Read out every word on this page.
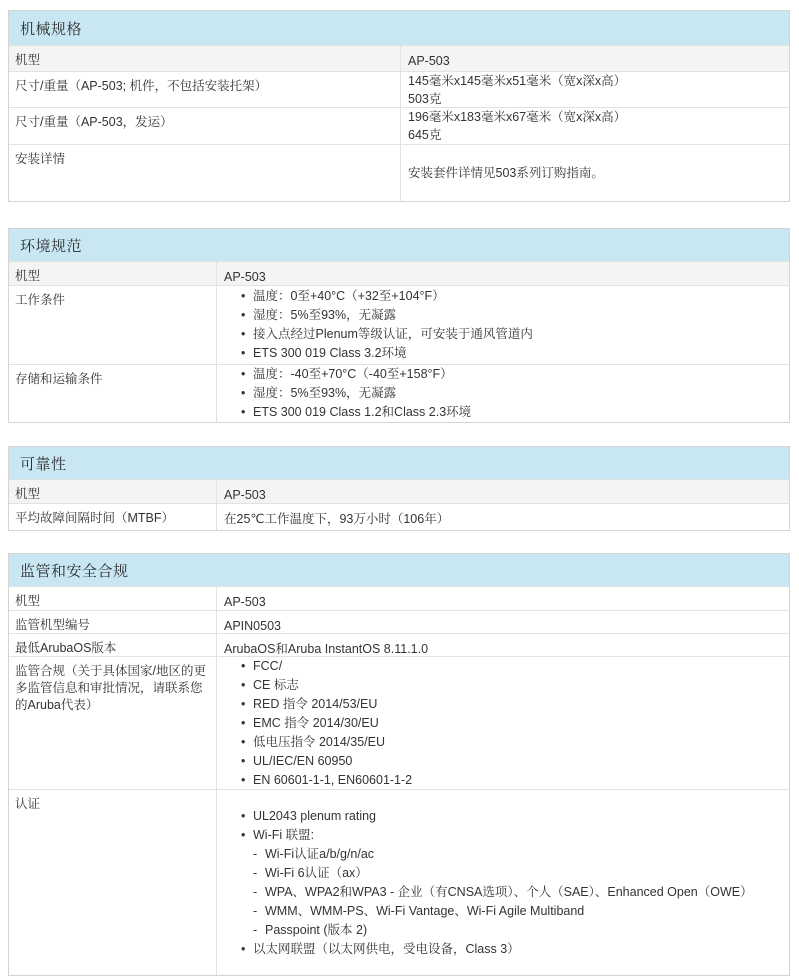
机械规格
机型	AP-503
尺寸/重量（AP-503; 机件，不包括安装托架）	145毫米x145毫米x51毫米（宽x深x高）
503克
尺寸/重量（AP-503，发运）	196毫米x183毫米x67毫米（宽x深x高）
645克
安装详情
安装套件详情见503系列订购指南。
环境规范
机型	AP-503
工作条件	• 温度：0至+40°C（+32至+104°F）
• 湿度：5%至93%，无凝露
• 接入点经过Plenum等级认证，可安装于通风管道内
• ETS 300 019 Class 3.2环境
存储和运输条件	• 温度：-40至+70°C（-40至+158°F）
• 湿度：5%至93%，无凝露
• ETS 300 019 Class 1.2和Class 2.3环境
可靠性
机型	AP-503
平均故障间隔时间（MTBF）	在25℃工作温度下，93万小时（106年）
监管和安全合规
机型	AP-503
监管机型编号	APIN0503
最低ArubaOS版本	ArubaOS和Aruba InstantOS 8.11.1.0
监管合规（关于具体国家/地区的更多监管信息和审批情况，请联系您的Aruba代表）
• FCC/
• CE 标志
• RED 指令 2014/53/EU
• EMC 指令 2014/30/EU
• 低电压指令 2014/35/EU
• UL/IEC/EN 60950
• EN 60601-1-1, EN60601-1-2
认证
• UL2043 plenum rating
• Wi-Fi 联盟:
- Wi-Fi认证a/b/g/n/ac
- Wi-Fi 6认证（ax）
- WPA、WPA2和WPA3 - 企业（有CNSA选项）、个人（SAE）、Enhanced Open（OWE）
- WMM、WMM-PS、Wi-Fi Vantage、Wi-Fi Agile Multiband
- Passpoint (版本 2)
• 以太网联盟（以太网供电，受电设备，Class 3）
